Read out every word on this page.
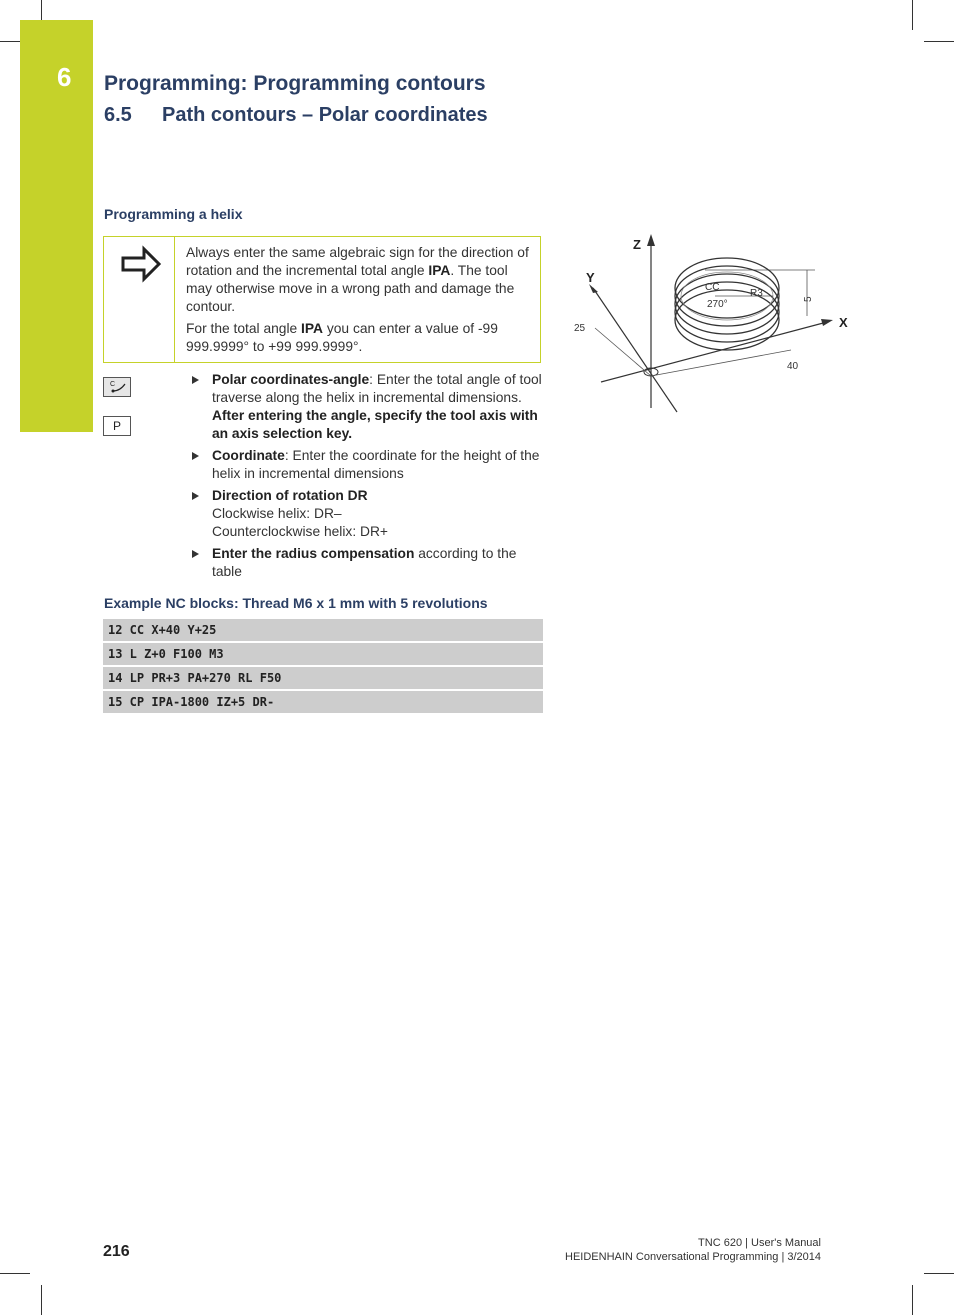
6 Programming: Programming contours
6.5 Path contours – Polar coordinates
Programming a helix

Always enter the same algebraic sign for the direction of rotation and the incremental total angle IPA. The tool may otherwise move in a wrong path and damage the contour.

For the total angle IPA you can enter a value of -99 999.9999° to +99 999.9999°.

C
P
Polar coordinates-angle: Enter the total angle of tool traverse along the helix in incremental dimensions. After entering the angle, specify the tool axis with an axis selection key.
Coordinate: Enter the coordinate for the height of the helix in incremental dimensions
Direction of rotation DR
Clockwise helix: DR–
Counterclockwise helix: DR+
Enter the radius compensation according to the table
Example NC blocks: Thread M6 x 1 mm with 5 revolutions
12 CC X+40 Y+25
13 L Z+0 F100 M3
14 LP PR+3 PA+270 RL F50
15 CP IPA-1800 IZ+5 DR-
Z
Y
X
25
40
5
CC
R3
270°
216	TNC 620 | User's Manual
HEIDENHAIN Conversational Programming | 3/2014
